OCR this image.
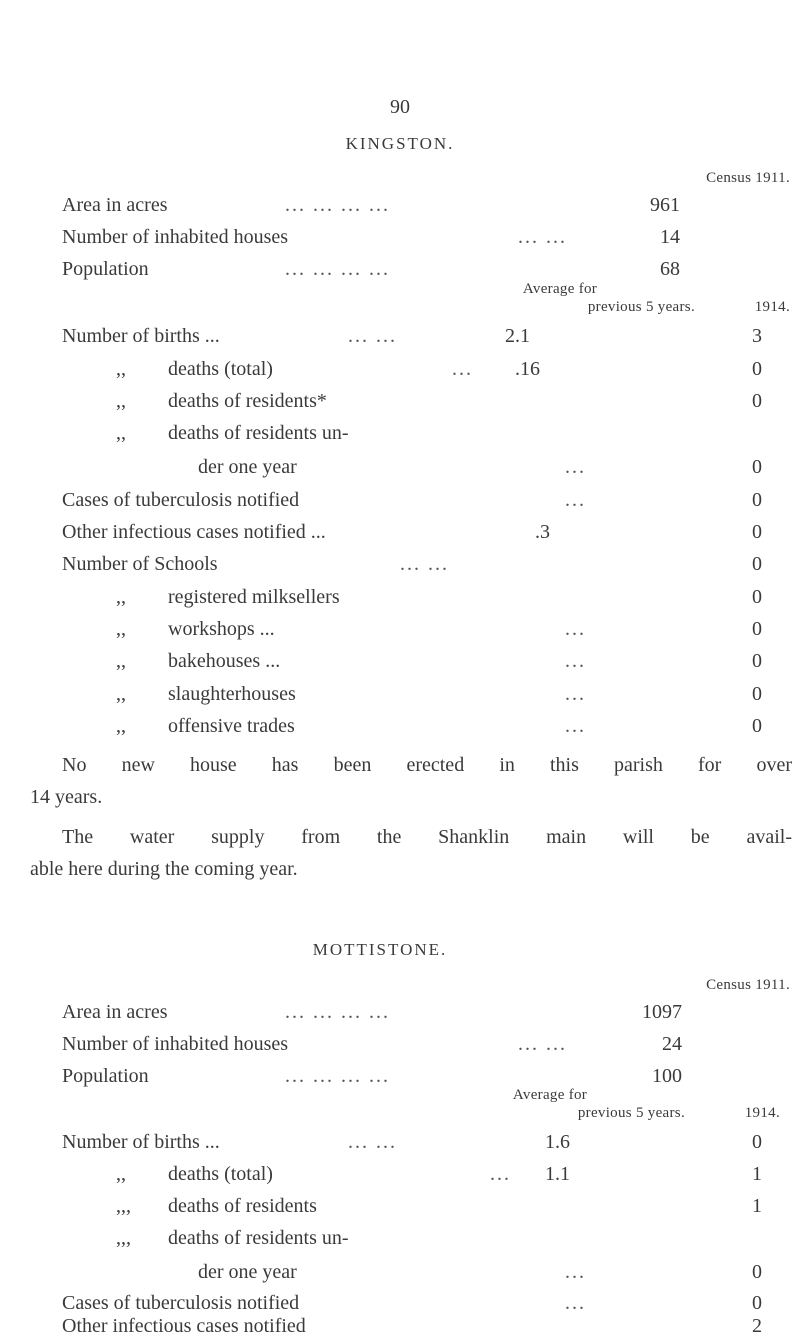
90
KINGSTON.
Census 1911.
Area in acres	... ... ... ...	961
Number of inhabited houses	... ...	14
Population	... ... ... ...	68
Average for
previous 5 years.	1914.
Number of births ...	... ...	2.1	3
,, deaths (total)	... .16	0
,, deaths of residents*	0
,, deaths of residents un-
der one year	...	0
Cases of tuberculosis notified	...	0
Other infectious cases notified ...	.3	0
Number of Schools	... ...	0
,, registered milksellers	0
,, workshops ...	...	0
,, bakehouses ...	...	0
,, slaughterhouses	...	0
,, offensive trades	...	0
No new house has been erected in this parish for over
14 years.
The water supply from the Shanklin main will be avail-
able here during the coming year.
MOTTISTONE.
Census 1911.
Area in acres	... ... ... ...	1097
Number of inhabited houses	... ...	24
Population	... ... ... ...	100
Average for
previous 5 years.	1914.
Number of births ...	... ...	1.6	0
,, deaths (total)	... 1.1	1
,,, deaths of residents	1
,,, deaths of residents un-
der one year	...	0
Cases of tuberculosis notified	...	0
Other infectious cases notified	2
